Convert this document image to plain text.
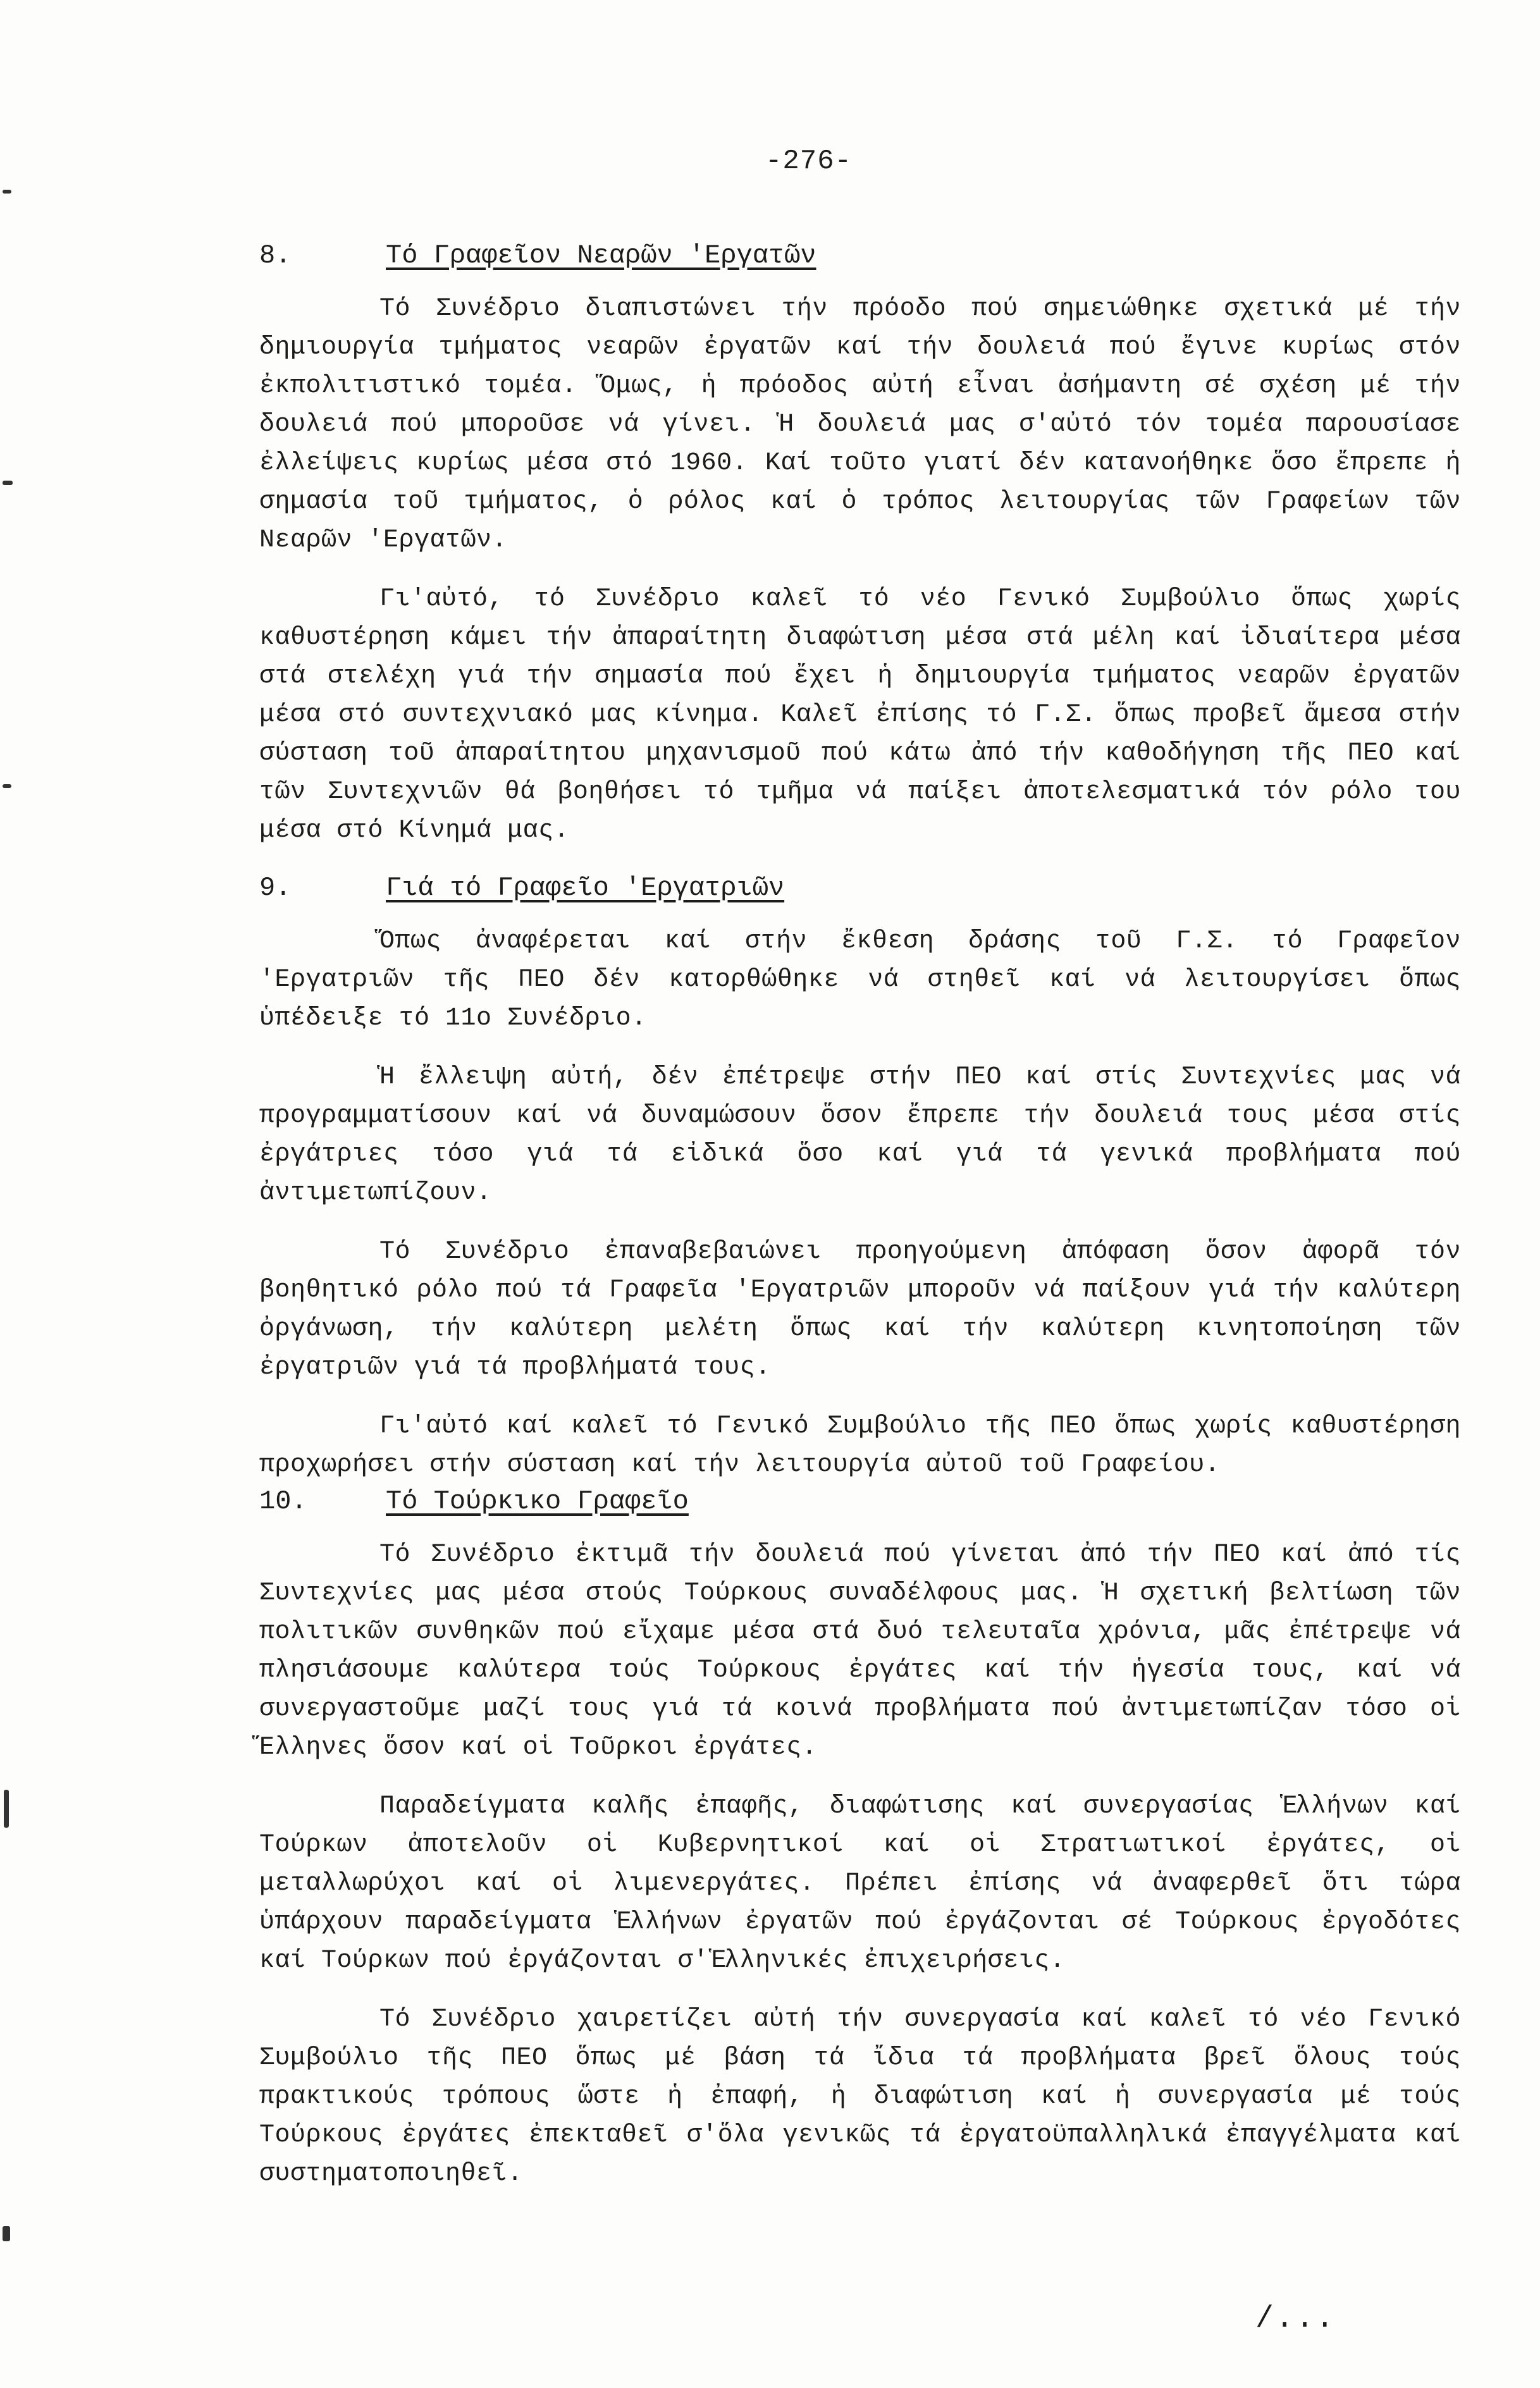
-276-
8.	Τό Γραφεῖον Νεαρῶν 'Εργατῶν

Τό Συνέδριο διαπιστώνει τήν πρόοδο πού σημειώθηκε σχετικά μέ τήν δημιουργία τμήματος νεαρῶν ἐργατῶν καί τήν δουλειά πού ἔγινε κυρίως στόν ἐκπολιτιστικό τομέα. Ὅμως, ἡ πρόοδος αὐτή εἶναι ἀσήμαντη σέ σχέση μέ τήν δουλειά πού μποροῦσε νά γίνει. Ἡ δουλειά μας σ'αὐτό τόν τομέα παρουσίασε ἐλλείψεις κυρίως μέσα στό 1960. Καί τοῦτο γιατί δέν κατανοήθηκε ὅσο ἔπρεπε ἡ σημασία τοῦ τμήματος, ὁ ρόλος καί ὁ τρόπος λειτουργίας τῶν Γραφείων τῶν Νεαρῶν 'Εργατῶν.

Γι'αὐτό, τό Συνέδριο καλεῖ τό νέο Γενικό Συμβούλιο ὅπως χωρίς καθυστέρηση κάμει τήν ἀπαραίτητη διαφώτιση μέσα στά μέλη καί ἰδιαίτερα μέσα στά στελέχη γιά τήν σημασία πού ἔχει ἡ δημιουργία τμήματος νεαρῶν ἐργατῶν μέσα στό συντεχνιακό μας κίνημα. Καλεῖ ἐπίσης τό Γ.Σ. ὅπως προβεῖ ἄμεσα στήν σύσταση τοῦ ἀπαραίτητου μηχανισμοῦ πού κάτω ἀπό τήν καθοδήγηση τῆς ΠΕΟ καί τῶν Συντεχνιῶν θά βοηθήσει τό τμῆμα νά παίξει ἀποτελεσματικά τόν ρόλο του μέσα στό Κίνημά μας.

9.	Γιά τό Γραφεῖο 'Εργατριῶν

Ὅπως ἀναφέρεται καί στήν ἔκθεση δράσης τοῦ Γ.Σ. τό Γραφεῖον 'Εργατριῶν τῆς ΠΕΟ δέν κατορθώθηκε νά στηθεῖ καί νά λειτουργίσει ὅπως ὑπέδειξε τό 11ο Συνέδριο.

Ἡ ἔλλειψη αὐτή, δέν ἐπέτρεψε στήν ΠΕΟ καί στίς Συντεχνίες μας νά προγραμματίσουν καί νά δυναμώσουν ὅσον ἔπρεπε τήν δουλειά τους μέσα στίς ἐργάτριες τόσο γιά τά εἰδικά ὅσο καί γιά τά γενικά προβλήματα πού ἀντιμετωπίζουν.

Τό Συνέδριο ἐπαναβεβαιώνει προηγούμενη ἀπόφαση ὅσον ἀφορᾶ τόν βοηθητικό ρόλο πού τά Γραφεῖα 'Εργατριῶν μποροῦν νά παίξουν γιά τήν καλύτερη ὀργάνωση, τήν καλύτερη μελέτη ὅπως καί τήν καλύτερη κινητοποίηση τῶν ἐργατριῶν γιά τά προβλήματά τους.

Γι'αὐτό καί καλεῖ τό Γενικό Συμβούλιο τῆς ΠΕΟ ὅπως χωρίς καθυστέρηση προχωρήσει στήν σύσταση καί τήν λειτουργία αὐτοῦ τοῦ Γραφείου.

10.	Τό Τούρκικο Γραφεῖο

Τό Συνέδριο ἐκτιμᾶ τήν δουλειά πού γίνεται ἀπό τήν ΠΕΟ καί ἀπό τίς Συντεχνίες μας μέσα στούς Τούρκους συναδέλφους μας. Ἡ σχετική βελτίωση τῶν πολιτικῶν συνθηκῶν πού εἴχαμε μέσα στά δυό τελευταῖα χρόνια, μᾶς ἐπέτρεψε νά πλησιάσουμε καλύτερα τούς Τούρκους ἐργάτες καί τήν ἡγεσία τους, καί νά συνεργαστοῦμε μαζί τους γιά τά κοινά προβλήματα πού ἀντιμετωπίζαν τόσο οἱ Ἕλληνες ὅσον καί οἱ Τοῦρκοι ἐργάτες.

Παραδείγματα καλῆς ἐπαφῆς, διαφώτισης καί συνεργασίας Ἑλλήνων καί Τούρκων ἀποτελοῦν οἱ Κυβερνητικοί καί οἱ Στρατιωτικοί ἐργάτες, οἱ μεταλλωρύχοι καί οἱ λιμενεργάτες. Πρέπει ἐπίσης νά ἀναφερθεῖ ὅτι τώρα ὑπάρχουν παραδείγματα Ἑλλήνων ἐργατῶν πού ἐργάζονται σέ Τούρκους ἐργοδότες καί Τούρκων πού ἐργάζονται σ'Ἑλληνικές ἐπιχειρήσεις.

Τό Συνέδριο χαιρετίζει αὐτή τήν συνεργασία καί καλεῖ τό νέο Γενικό Συμβούλιο τῆς ΠΕΟ ὅπως μέ βάση τά ἴδια τά προβλήματα βρεῖ ὅλους τούς πρακτικούς τρόπους ὥστε ἡ ἐπαφή, ἡ διαφώτιση καί ἡ συνεργασία μέ τούς Τούρκους ἐργάτες ἐπεκταθεῖ σ'ὅλα γενικῶς τά ἐργατοϋπαλληλικά ἐπαγγέλματα καί συστηματοποιηθεῖ.

/...
